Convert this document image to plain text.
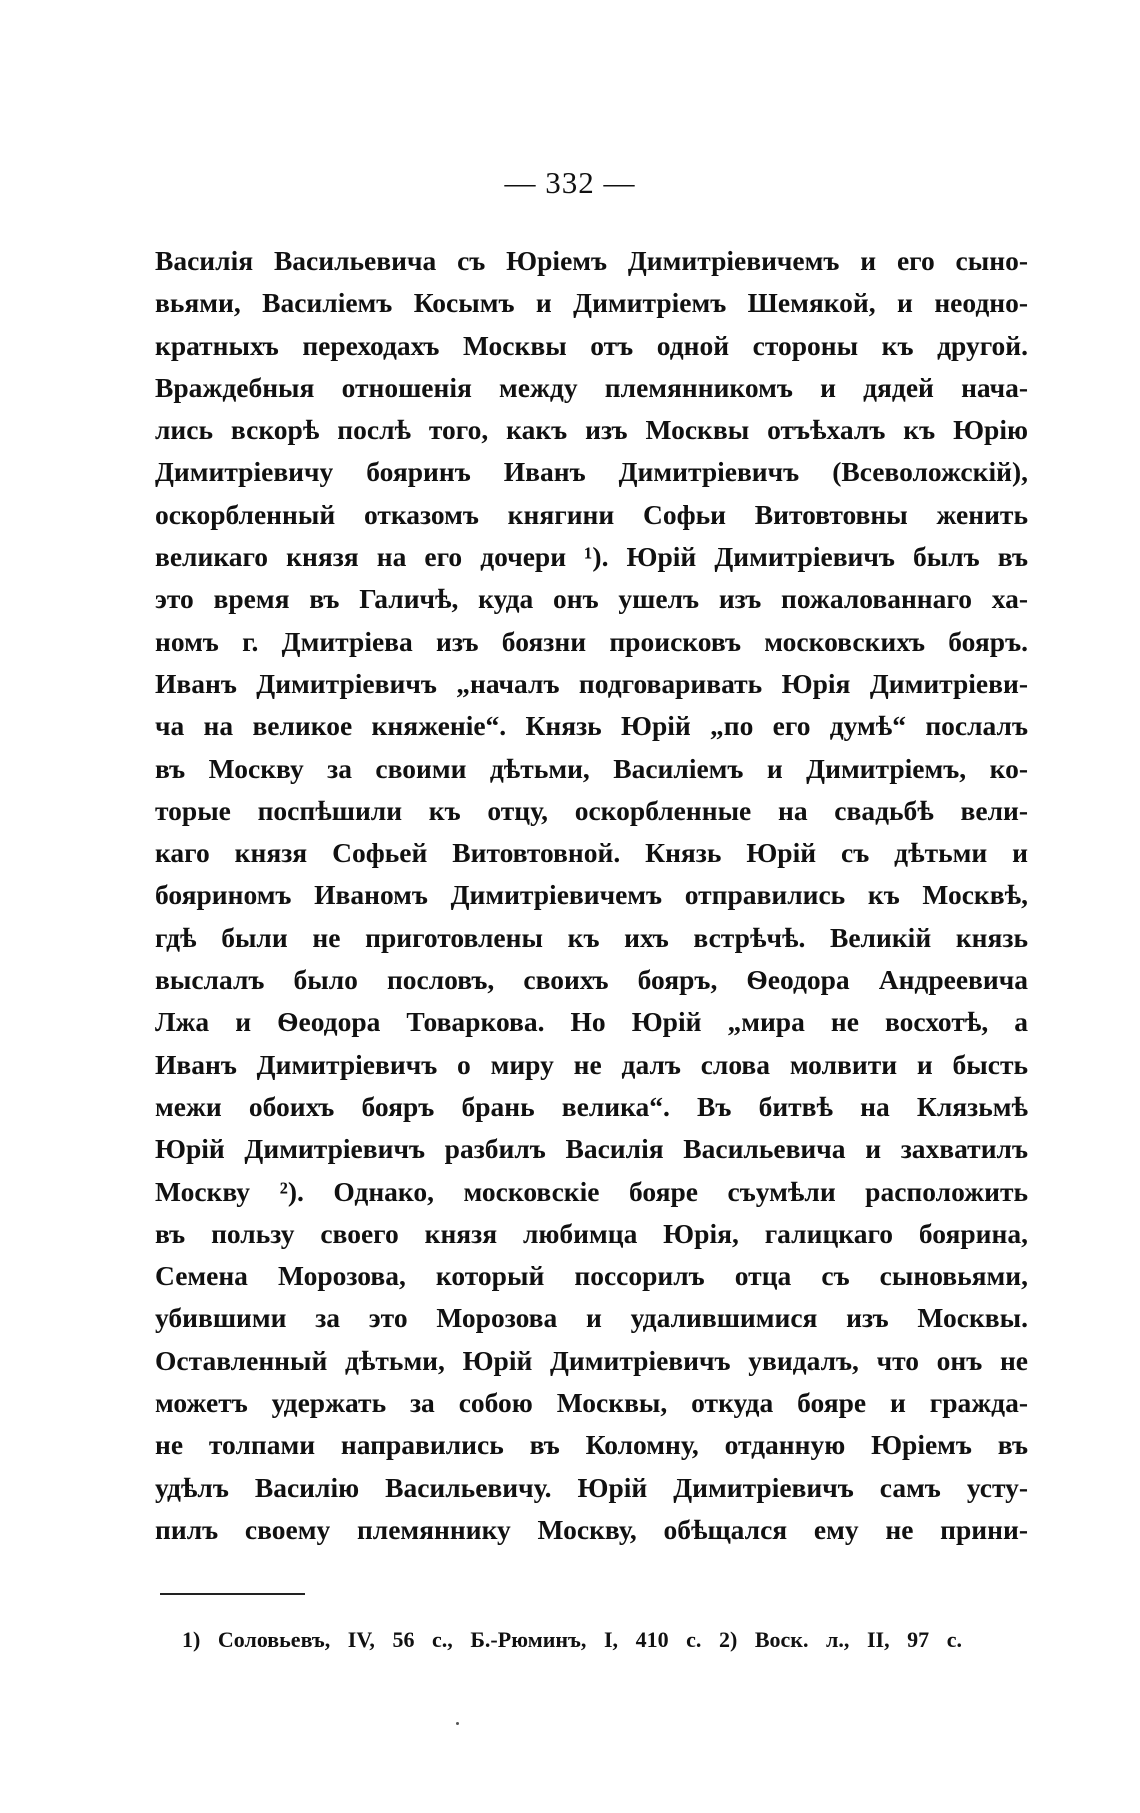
— 332 —
Василія Васильевича съ Юріемъ Димитріевичемъ и его сыно-
вьями, Василіемъ Косымъ и Димитріемъ Шемякой, и неодно-
кратныхъ переходахъ Москвы отъ одной стороны къ другой.
Враждебныя отношенія между племянникомъ и дядей нача-
лись вскорѣ послѣ того, какъ изъ Москвы отъѣхалъ къ Юрію
Димитріевичу бояринъ Иванъ Димитріевичъ (Всеволожскій),
оскорбленный отказомъ княгини Софьи Витовтовны женить
великаго князя на его дочери ¹). Юрій Димитріевичъ былъ въ
это время въ Галичѣ, куда онъ ушелъ изъ пожалованнаго ха-
номъ г. Дмитріева изъ боязни происковъ московскихъ бояръ.
Иванъ Димитріевичъ „началъ подговаривать Юрія Димитріеви-
ча на великое княженіе“. Князь Юрій „по его думѣ“ послалъ
въ Москву за своими дѣтьми, Василіемъ и Димитріемъ, ко-
торые поспѣшили къ отцу, оскорбленные на свадьбѣ вели-
каго князя Софьей Витовтовной. Князь Юрій съ дѣтьми и
бояриномъ Иваномъ Димитріевичемъ отправились къ Москвѣ,
гдѣ были не приготовлены къ ихъ встрѣчѣ. Великій князь
выслалъ было пословъ, своихъ бояръ, Ѳеодора Андреевича
Лжа и Ѳеодора Товаркова. Но Юрій „мира не восхотѣ, а
Иванъ Димитріевичъ о миру не далъ слова молвити и бысть
межи обоихъ бояръ брань велика“. Въ битвѣ на Клязьмѣ
Юрій Димитріевичъ разбилъ Василія Васильевича и захватилъ
Москву ²). Однако, московскіе бояре съумѣли расположить
въ пользу своего князя любимца Юрія, галицкаго боярина,
Семена Морозова, который поссорилъ отца съ сыновьями,
убившими за это Морозова и удалившимися изъ Москвы.
Оставленный дѣтьми, Юрій Димитріевичъ увидалъ, что онъ не
можетъ удержать за собою Москвы, откуда бояре и гражда-
не толпами направились въ Коломну, отданную Юріемъ въ
удѣлъ Василію Васильевичу. Юрій Димитріевичъ самъ усту-
пилъ своему племяннику Москву, обѣщался ему не прини-
1) Соловьевъ, IV, 56 с., Б.-Рюминъ, I, 410 с. 2) Воск. л., II, 97 с.
